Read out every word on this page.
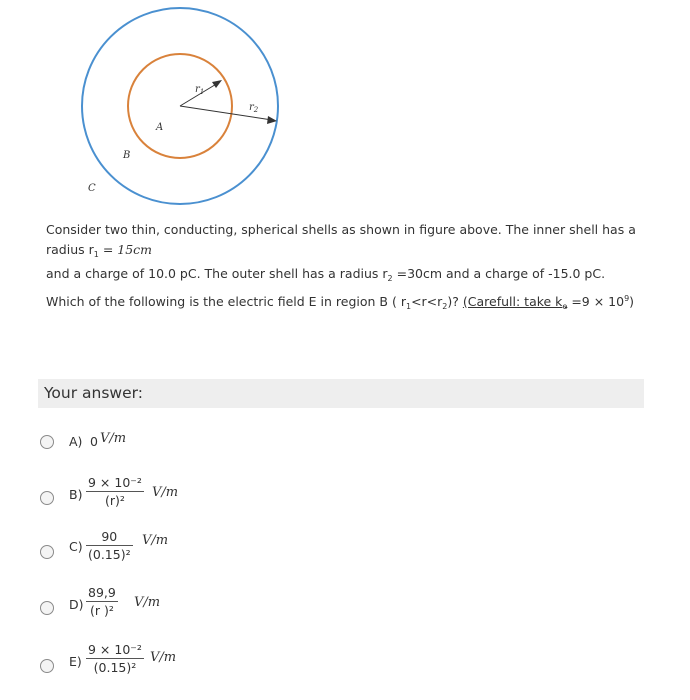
$r_1$
$r_2$
A
B
C
Consider two thin, conducting, spherical shells as shown in figure above. The inner shell has a
radius $r_1 = 15cm$
and a charge of 10.0 pC. The outer shell has a radius $r_2 =30cm$ and a charge of -15.0 pC.
Which of the following is the electric field E in region B ( $r_1<r<r_2$)? (Carefull: take $k_e =9 \times 10^9$)
Your answer:
A) 0 V/m
B)
9 × 10⁻²
(r)²
V/m
C)
90
(0.15)²
V/m
D)
89,9
(r )²
V/m
E)
9 × 10⁻²
(0.15)²
V/m
